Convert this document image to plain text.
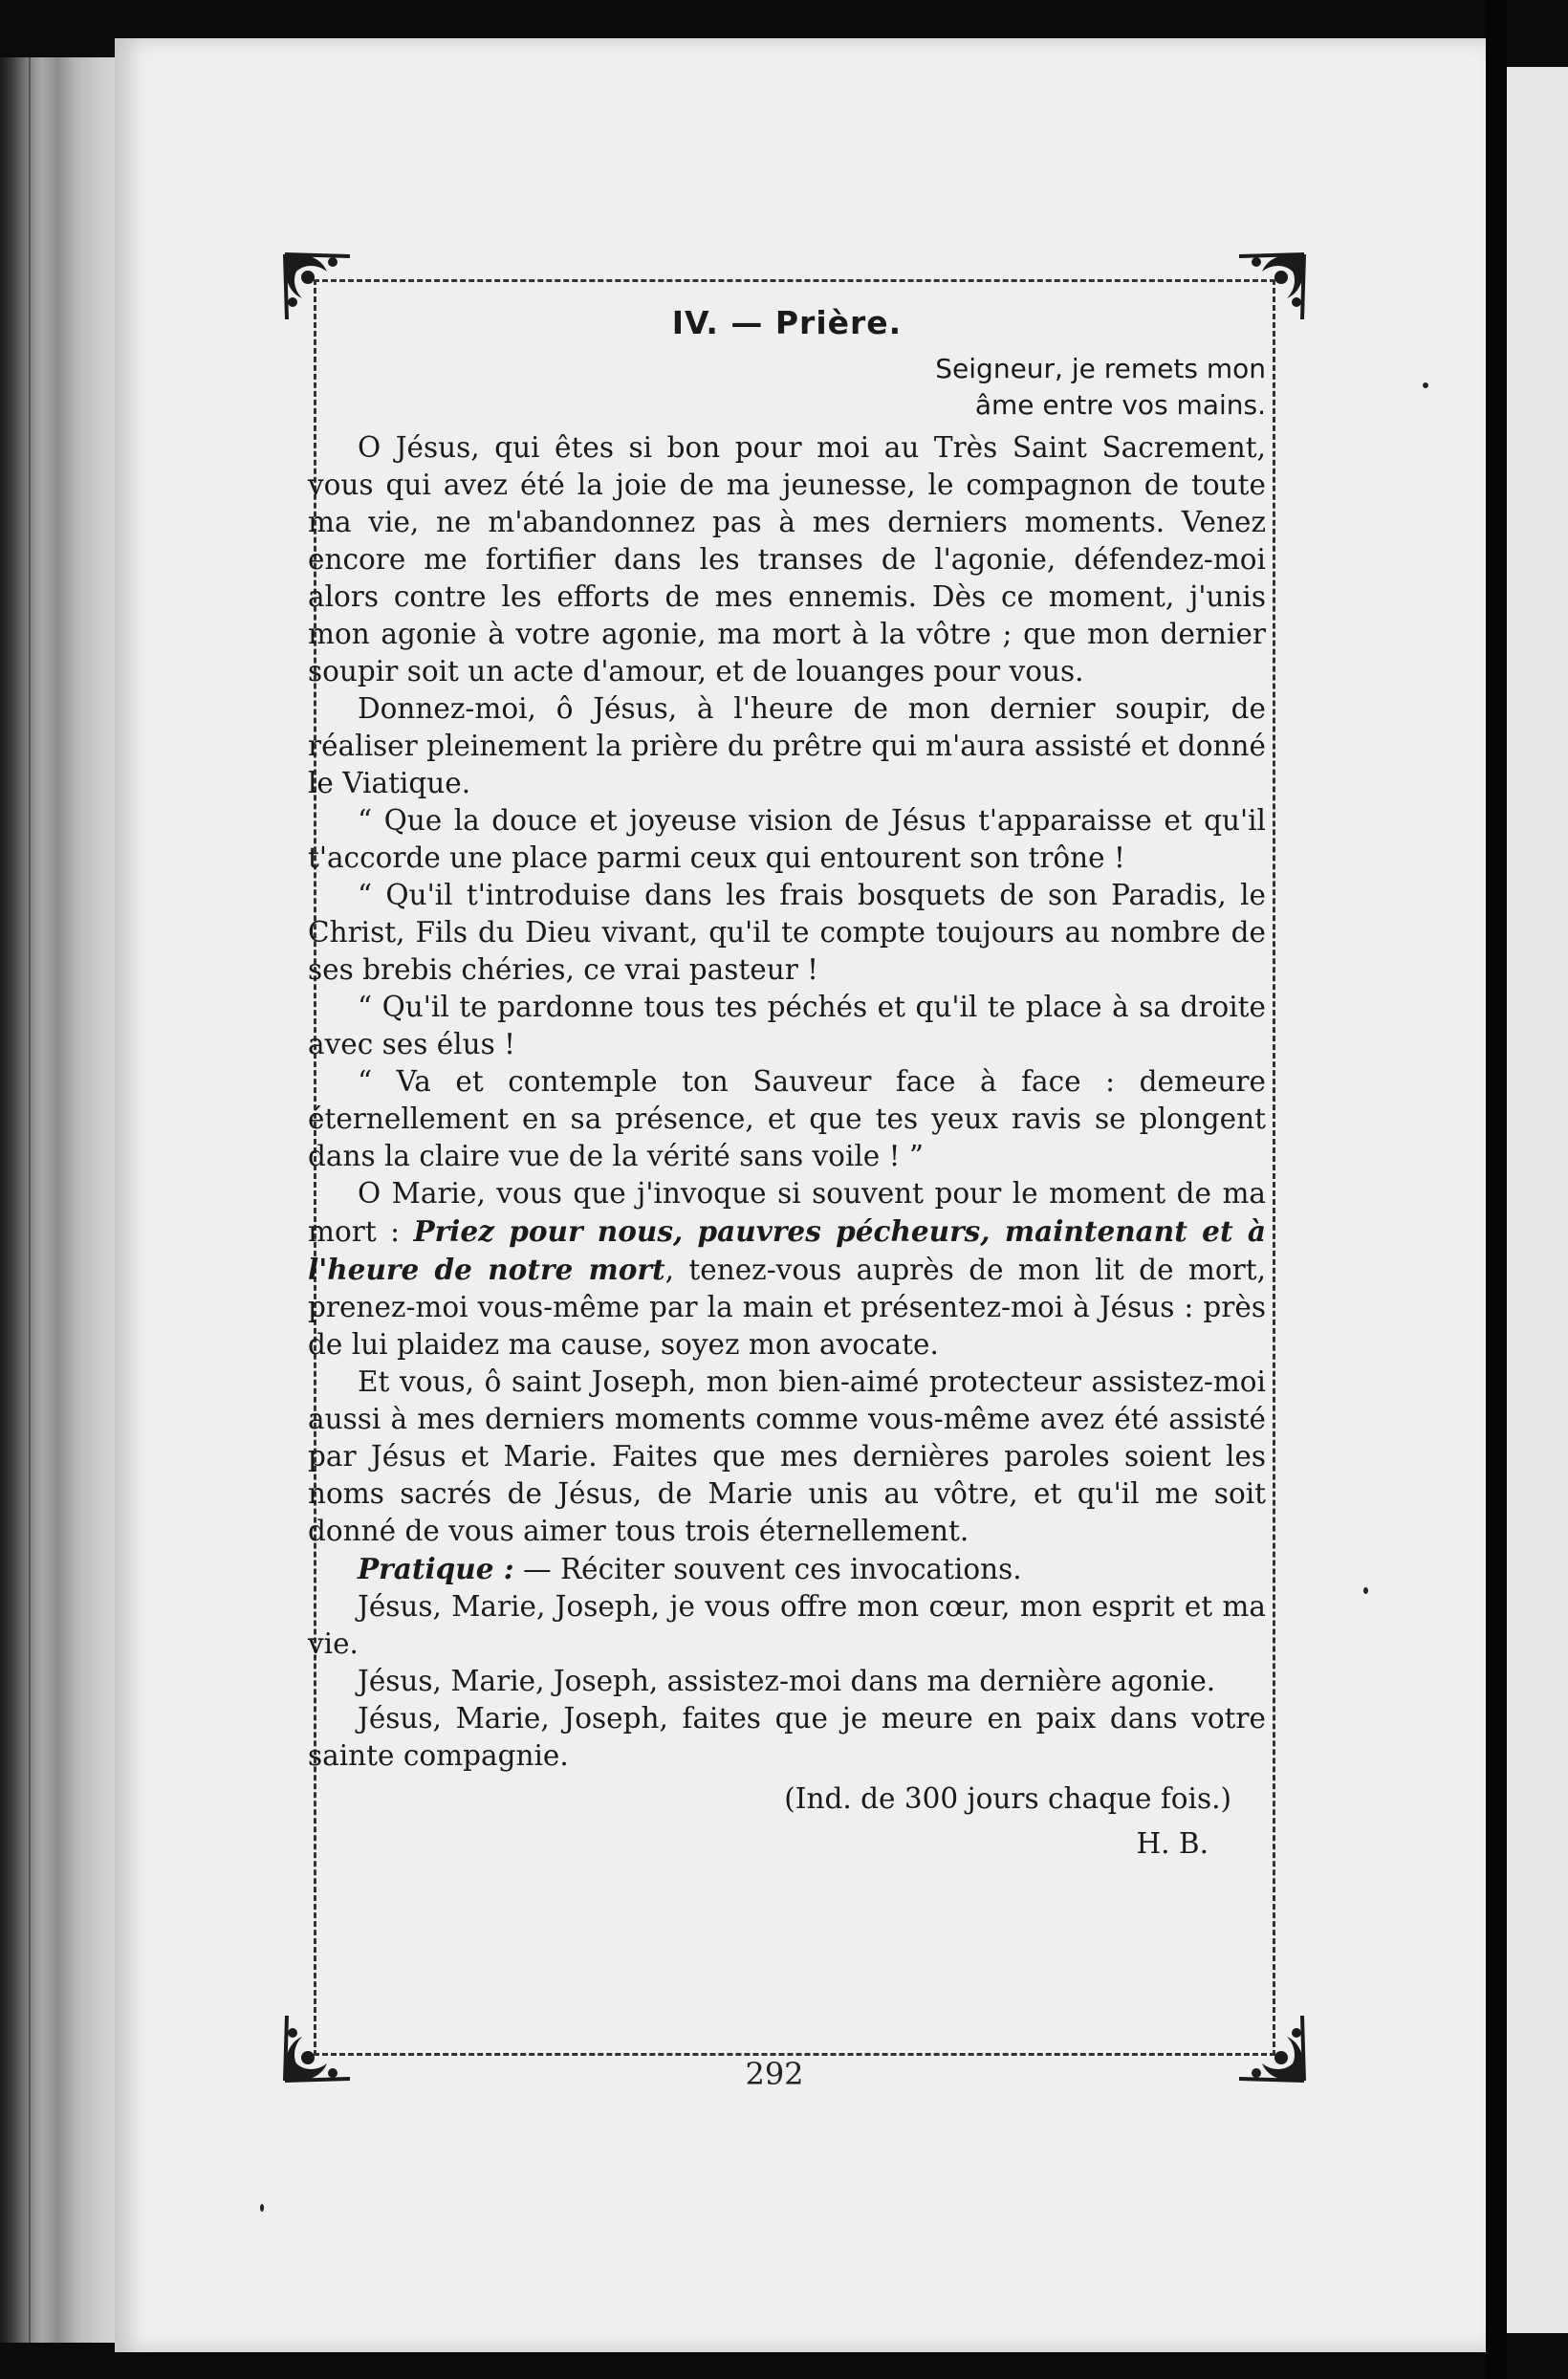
IV. — Prière.
Seigneur, je remets mon
âme entre vos mains.

O Jésus, qui êtes si bon pour moi au Très Saint Sacrement, vous qui avez été la joie de ma jeunesse, le compagnon de toute ma vie, ne m'abandonnez pas à mes derniers moments. Venez encore me fortifier dans les transes de l'agonie, défendez-moi alors contre les efforts de mes ennemis. Dès ce moment, j'unis mon agonie à votre agonie, ma mort à la vôtre ; que mon dernier soupir soit un acte d'amour, et de louanges pour vous.

Donnez-moi, ô Jésus, à l'heure de mon dernier soupir, de réaliser pleinement la prière du prêtre qui m'aura assisté et donné le Viatique.

“ Que la douce et joyeuse vision de Jésus t'apparaisse et qu'il t'accorde une place parmi ceux qui entourent son trône !

“ Qu'il t'introduise dans les frais bosquets de son Paradis, le Christ, Fils du Dieu vivant, qu'il te compte toujours au nombre de ses brebis chéries, ce vrai pasteur !

“ Qu'il te pardonne tous tes péchés et qu'il te place à sa droite avec ses élus !

“ Va et contemple ton Sauveur face à face : demeure éternellement en sa présence, et que tes yeux ravis se plongent dans la claire vue de la vérité sans voile ! ”

O Marie, vous que j'invoque si souvent pour le moment de ma mort : Priez pour nous, pauvres pécheurs, maintenant et à l'heure de notre mort, tenez-vous auprès de mon lit de mort, prenez-moi vous-même par la main et présentez-moi à Jésus : près de lui plaidez ma cause, soyez mon avocate.

Et vous, ô saint Joseph, mon bien-aimé protecteur assistez-moi aussi à mes derniers moments comme vous-même avez été assisté par Jésus et Marie. Faites que mes dernières paroles soient les noms sacrés de Jésus, de Marie unis au vôtre, et qu'il me soit donné de vous aimer tous trois éternellement.

Pratique : — Réciter souvent ces invocations.

Jésus, Marie, Joseph, je vous offre mon cœur, mon esprit et ma vie.

Jésus, Marie, Joseph, assistez-moi dans ma dernière agonie.

Jésus, Marie, Joseph, faites que je meure en paix dans votre sainte compagnie.

(Ind. de 300 jours chaque fois.)
H. B.
292
